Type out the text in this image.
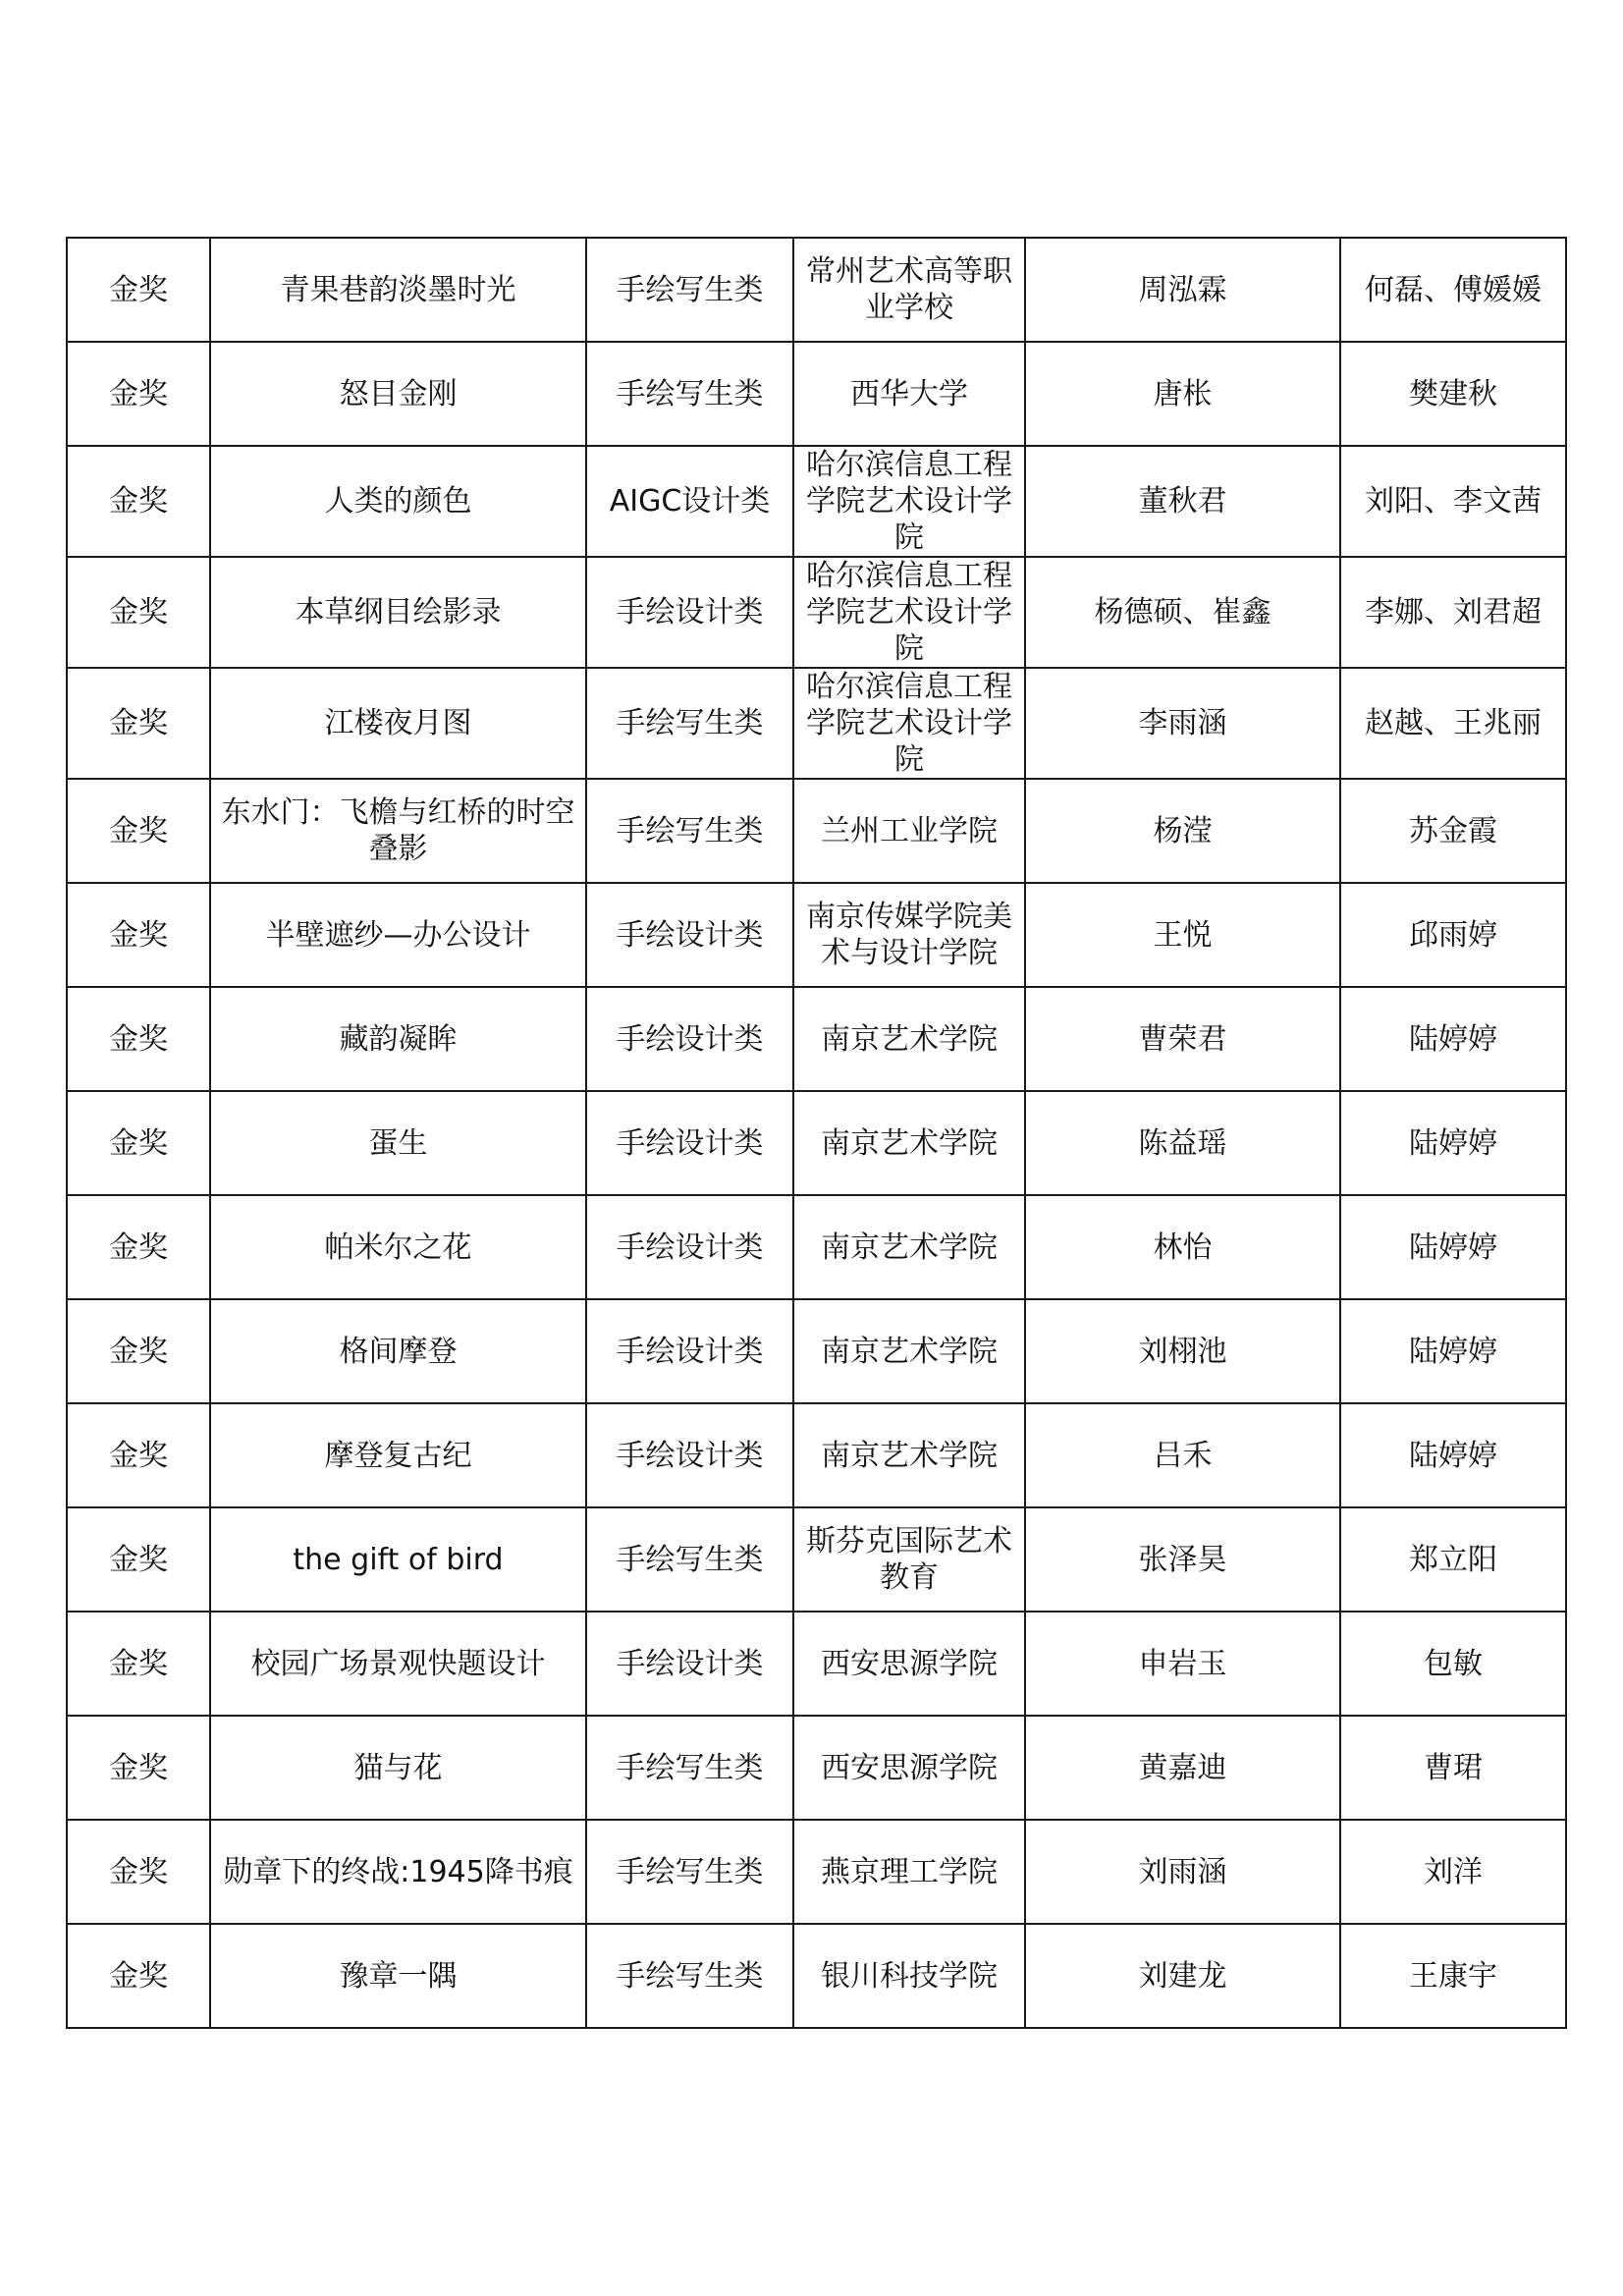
金奖	青果巷韵淡墨时光	手绘写生类	常州艺术高等职业学校	周泓霖	何磊、傅媛媛
金奖	怒目金刚	手绘写生类	西华大学	唐枨	樊建秋
金奖	人类的颜色	AIGC设计类	哈尔滨信息工程学院艺术设计学院	董秋君	刘阳、李文茜
金奖	本草纲目绘影录	手绘设计类	哈尔滨信息工程学院艺术设计学院	杨德硕、崔鑫	李娜、刘君超
金奖	江楼夜月图	手绘写生类	哈尔滨信息工程学院艺术设计学院	李雨涵	赵越、王兆丽
金奖	东水门：飞檐与红桥的时空叠影	手绘写生类	兰州工业学院	杨滢	苏金霞
金奖	半壁遮纱—办公设计	手绘设计类	南京传媒学院美术与设计学院	王悦	邱雨婷
金奖	藏韵凝眸	手绘设计类	南京艺术学院	曹荣君	陆婷婷
金奖	蛋生	手绘设计类	南京艺术学院	陈益瑶	陆婷婷
金奖	帕米尔之花	手绘设计类	南京艺术学院	林怡	陆婷婷
金奖	格间摩登	手绘设计类	南京艺术学院	刘栩池	陆婷婷
金奖	摩登复古纪	手绘设计类	南京艺术学院	吕禾	陆婷婷
金奖	the gift of bird	手绘写生类	斯芬克国际艺术教育	张泽昊	郑立阳
金奖	校园广场景观快题设计	手绘设计类	西安思源学院	申岩玉	包敏
金奖	猫与花	手绘写生类	西安思源学院	黄嘉迪	曹珺
金奖	勋章下的终战:1945降书痕	手绘写生类	燕京理工学院	刘雨涵	刘洋
金奖	豫章一隅	手绘写生类	银川科技学院	刘建龙	王康宇
